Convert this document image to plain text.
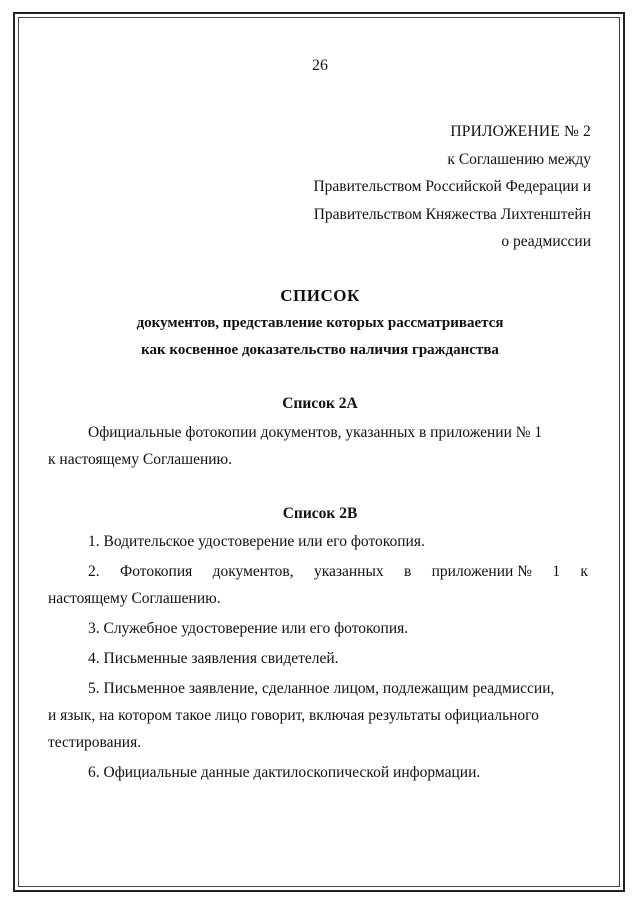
26
ПРИЛОЖЕНИЕ № 2
к Соглашению между
Правительством Российской Федерации и
Правительством Княжества Лихтенштейн
о реадмиссии
СПИСОК
документов, представление которых рассматривается
как косвенное доказательство наличия гражданства
Список 2А
Официальные фотокопии документов, указанных в приложении № 1
к настоящему Соглашению.
Список 2В
1. Водительское удостоверение или его фотокопия.
2. Фотокопия документов, указанных в приложении № 1 к
настоящему Соглашению.
3. Служебное удостоверение или его фотокопия.
4. Письменные заявления свидетелей.
5. Письменное заявление, сделанное лицом, подлежащим реадмиссии,
и язык, на котором такое лицо говорит, включая результаты официального
тестирования.
6. Официальные данные дактилоскопической информации.
